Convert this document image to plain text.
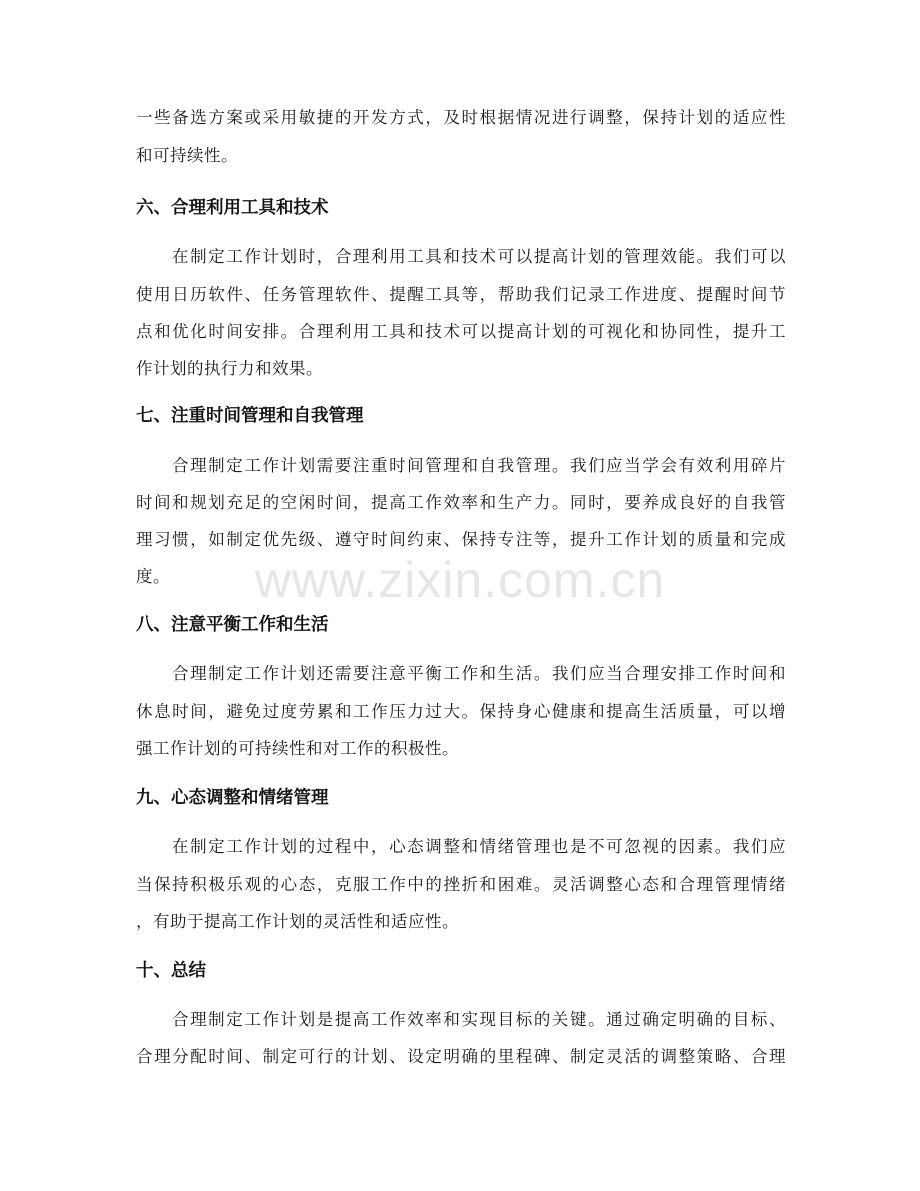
一些备选方案或采用敏捷的开发方式，及时根据情况进行调整，保持计划的适应性
和可持续性。
六、合理利用工具和技术
在制定工作计划时，合理利用工具和技术可以提高计划的管理效能。我们可以
使用日历软件、任务管理软件、提醒工具等，帮助我们记录工作进度、提醒时间节
点和优化时间安排。合理利用工具和技术可以提高计划的可视化和协同性，提升工
作计划的执行力和效果。
七、注重时间管理和自我管理
合理制定工作计划需要注重时间管理和自我管理。我们应当学会有效利用碎片
时间和规划充足的空闲时间，提高工作效率和生产力。同时，要养成良好的自我管
理习惯，如制定优先级、遵守时间约束、保持专注等，提升工作计划的质量和完成
度。
八、注意平衡工作和生活
合理制定工作计划还需要注意平衡工作和生活。我们应当合理安排工作时间和
休息时间，避免过度劳累和工作压力过大。保持身心健康和提高生活质量，可以增
强工作计划的可持续性和对工作的积极性。
九、心态调整和情绪管理
在制定工作计划的过程中，心态调整和情绪管理也是不可忽视的因素。我们应
当保持积极乐观的心态，克服工作中的挫折和困难。灵活调整心态和合理管理情绪
，有助于提高工作计划的灵活性和适应性。
十、总结
合理制定工作计划是提高工作效率和实现目标的关键。通过确定明确的目标、
合理分配时间、制定可行的计划、设定明确的里程碑、制定灵活的调整策略、合理
www.zixin.com.cn
